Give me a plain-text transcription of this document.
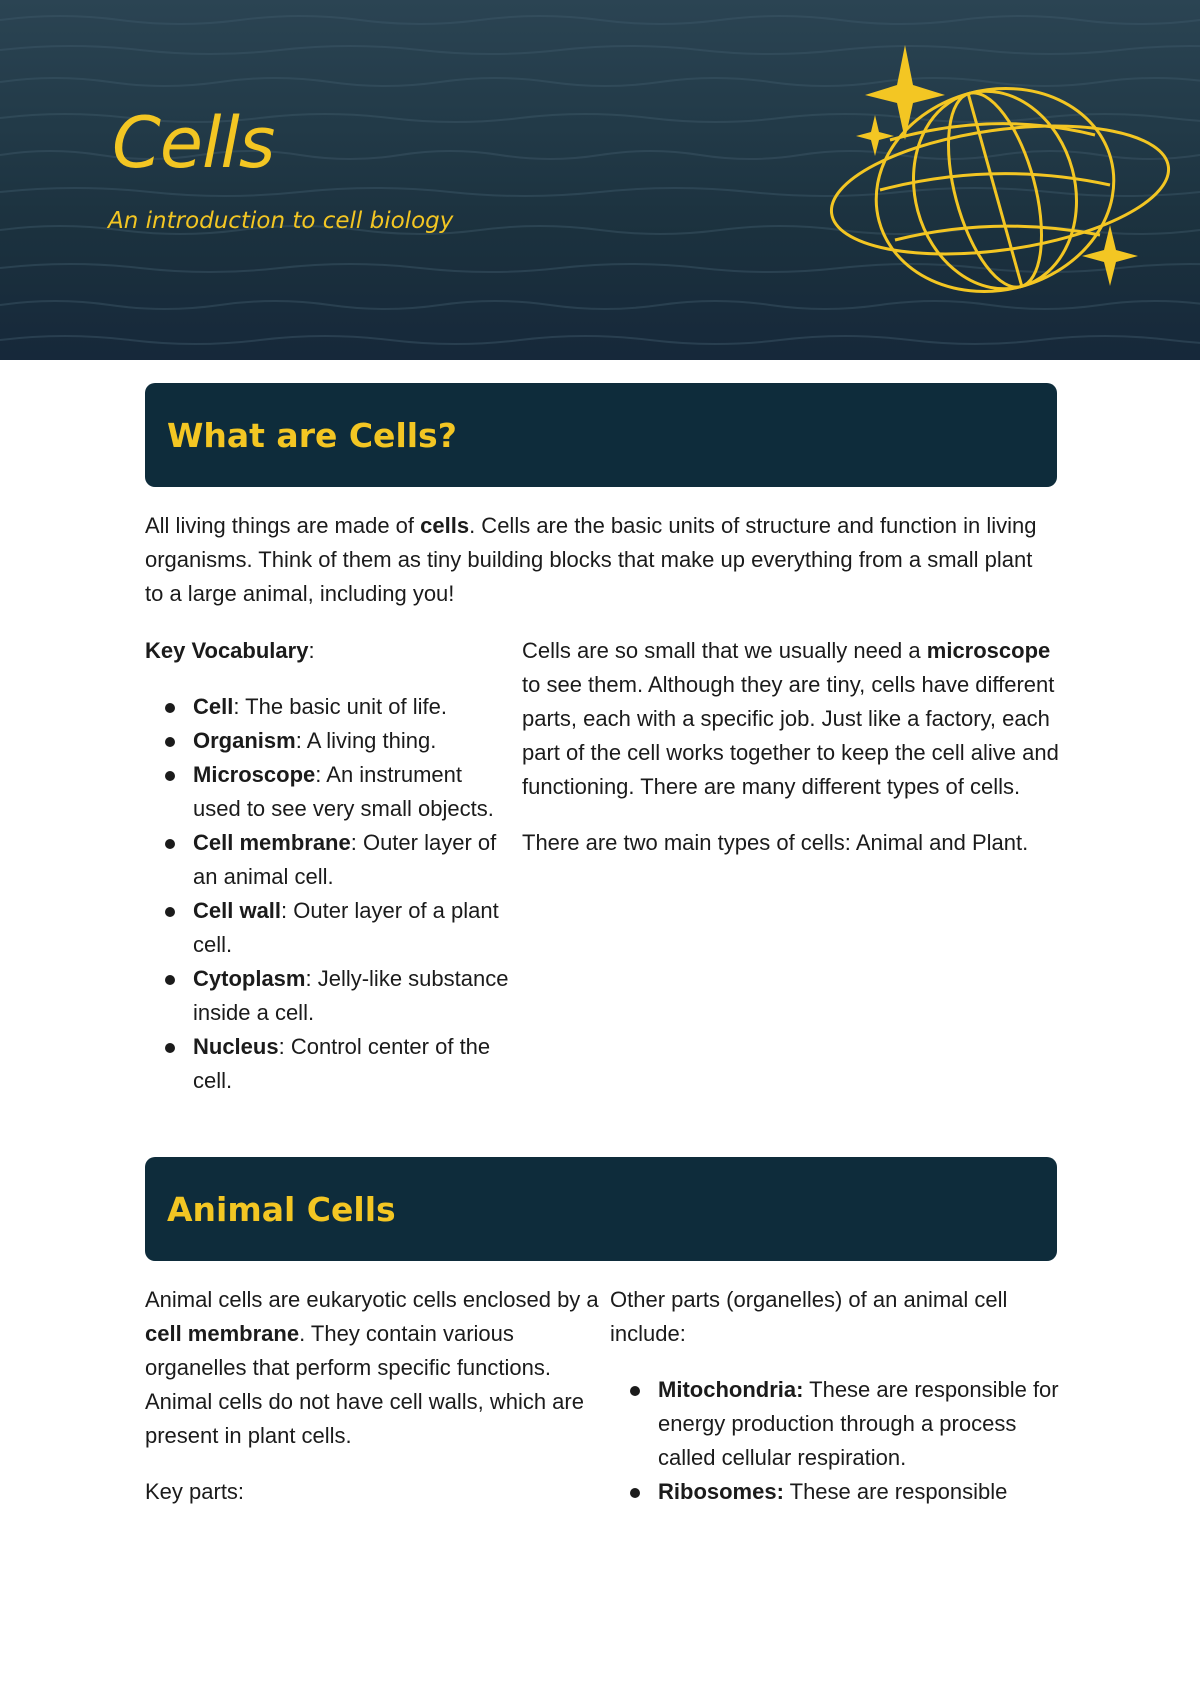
Cells

An introduction to cell biology

What are Cells?

All living things are made of cells. Cells are the basic units of structure and function in living organisms. Think of them as tiny building blocks that make up everything from a small plant to a large animal, including you!

Key Vocabulary:

Cell: The basic unit of life.
Organism: A living thing.
Microscope: An instrument used to see very small objects.
Cell membrane: Outer layer of an animal cell.
Cell wall: Outer layer of a plant cell.
Cytoplasm: Jelly-like substance inside a cell.
Nucleus: Control center of the cell.

Cells are so small that we usually need a microscope to see them. Although they are tiny, cells have different parts, each with a specific job. Just like a factory, each part of the cell works together to keep the cell alive and functioning. There are many different types of cells.

There are two main types of cells: Animal and Plant.

Animal Cells

Animal cells are eukaryotic cells enclosed by a cell membrane. They contain various organelles that perform specific functions. Animal cells do not have cell walls, which are present in plant cells.

Key parts:

Other parts (organelles) of an animal cell include:

Mitochondria: These are responsible for energy production through a process called cellular respiration.
Ribosomes: These are responsible
